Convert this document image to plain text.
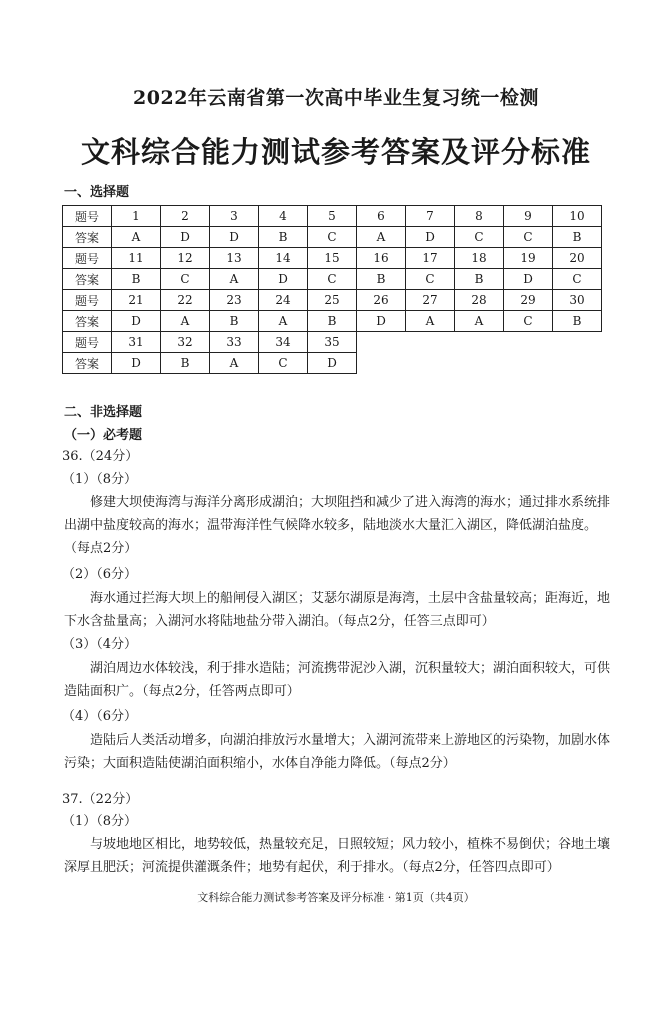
2022年云南省第一次高中毕业生复习统一检测
文科综合能力测试参考答案及评分标准
一、选择题
题号	1	2	3	4	5	6	7	8	9	10
答案	A	D	D	B	C	A	D	C	C	B
题号	11	12	13	14	15	16	17	18	19	20
答案	B	C	A	D	C	B	C	B	D	C
题号	21	22	23	24	25	26	27	28	29	30
答案	D	A	B	A	B	D	A	A	C	B
题号	31	32	33	34	35					
答案	D	B	A	C	D					
二、非选择题
（一）必考题
36.（24分）
（1）（8分）
修建大坝使海湾与海洋分离形成湖泊；大坝阻挡和减少了进入海湾的海水；通过排水系统排出湖中盐度较高的海水；温带海洋性气候降水较多，陆地淡水大量汇入湖区，降低湖泊盐度。（每点2分）
（2）（6分）
海水通过拦海大坝上的船闸侵入湖区；艾瑟尔湖原是海湾，土层中含盐量较高；距海近，地下水含盐量高；入湖河水将陆地盐分带入湖泊。（每点2分，任答三点即可）
（3）（4分）
湖泊周边水体较浅，利于排水造陆；河流携带泥沙入湖，沉积量较大；湖泊面积较大，可供造陆面积广。（每点2分，任答两点即可）
（4）（6分）
造陆后人类活动增多，向湖泊排放污水量增大；入湖河流带来上游地区的污染物，加剧水体污染；大面积造陆使湖泊面积缩小，水体自净能力降低。（每点2分）
37.（22分）
（1）（8分）
与坡地地区相比，地势较低，热量较充足，日照较短；风力较小，植株不易倒伏；谷地土壤深厚且肥沃；河流提供灌溉条件；地势有起伏，利于排水。（每点2分，任答四点即可）
文科综合能力测试参考答案及评分标准 · 第1页（共4页）
